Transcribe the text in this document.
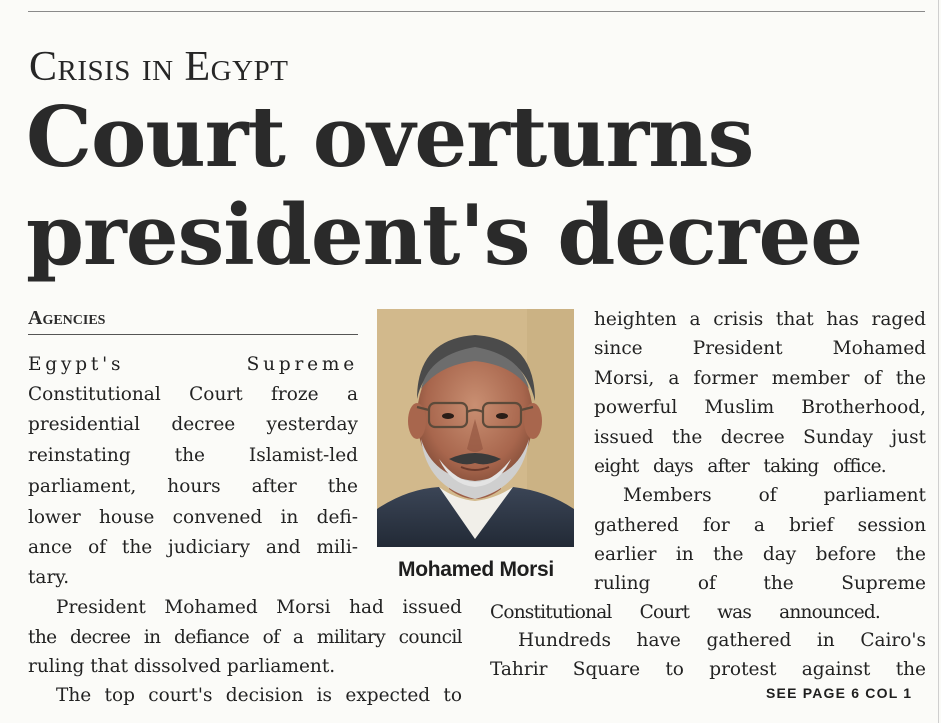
Crisis in Egypt
Court overturns
president's decree
Agencies
Egypt's Supreme
Constitutional Court froze a
presidential decree yesterday
reinstating the Islamist-led
parliament, hours after the
lower house convened in defi-
ance of the judiciary and mili-
tary.
President Mohamed Morsi had issued
the decree in defiance of a military council
ruling that dissolved parliament.
The top court's decision is expected to
Mohamed Morsi
heighten a crisis that has raged
since President Mohamed
Morsi, a former member of the
powerful Muslim Brotherhood,
issued the decree Sunday just
eight days after taking office.
Members of parliament
gathered for a brief session
earlier in the day before the
ruling of the Supreme
Constitutional Court was announced.
Hundreds have gathered in Cairo's
Tahrir Square to protest against the
SEE PAGE 6 COL 1
